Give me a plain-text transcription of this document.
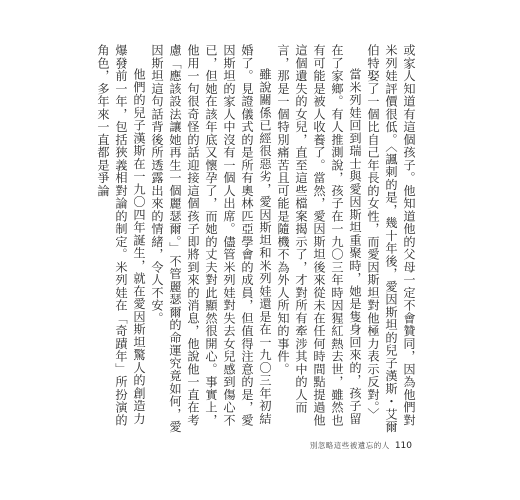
或家人知道有這個孩子。他知道他的父母一定不會贊同，因為他們對米列娃評價很低。〈諷刺的是，幾十年後，愛因斯坦的兒子漢斯・艾爾伯特娶了一個比自己年長的女性，而愛因斯坦對他極力表示反對。〉

當米列娃回到瑞士與愛因斯坦重聚時，她是隻身回來的，孩子留在了家鄉。有人推測說，孩子在一九〇三年時因猩紅熱去世，雖然也有可能是被人收養了。當然，愛因斯坦後來從未在任何時間點提過他這個遺失的女兒，直至這些檔案揭示了，才對所有牽涉其中的人而言，那是一個特別痛苦且可能是隨機不為外人所知的事件。

雖說關係已經很惡劣，愛因斯坦和米列娃還是在一九〇三年初結婚了。見證儀式的是所有奧林匹亞學會的成員，但值得注意的是，愛因斯坦的家人中沒有一個人出席。儘管米列娃對失去女兒感到傷心不已，但她在該年底又懷孕了，而她的丈夫對此顯然很開心。事實上，他用一句很奇怪的話迎接這個孩子即將到來的消息，他說他一直在考慮「應該設法讓她再生一個麗瑟爾。」不管麗瑟爾的命運究竟如何，愛因斯坦這句話背後所透露出來的情緒，令人不安。

他們的兒子漢斯在一九〇四年誕生，就在愛因斯坦驚人的創造力爆發前一年，包括狹義相對論的制定。米列娃在「奇蹟年」所扮演的角色，多年來一直都是爭論

別忽略這些被遺忘的人 110
